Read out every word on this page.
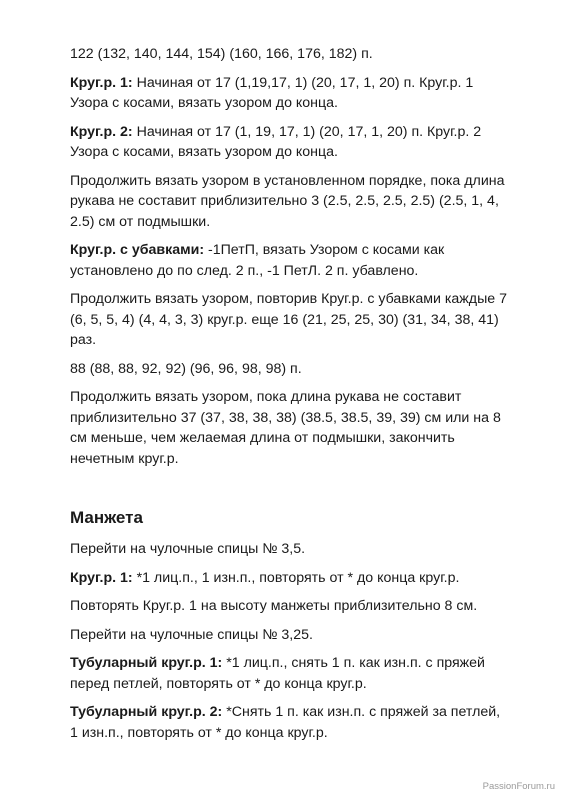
122 (132, 140, 144, 154) (160, 166, 176, 182) п.

Круг.р. 1: Начиная от 17 (1,19,17, 1) (20, 17, 1, 20) п. Круг.р. 1 Узора с косами, вязать узором до конца.

Круг.р. 2: Начиная от 17 (1, 19, 17, 1) (20, 17, 1, 20) п. Круг.р. 2 Узора с косами, вязать узором до конца.

Продолжить вязать узором в установленном порядке, пока длина рукава не составит приблизительно 3 (2.5, 2.5, 2.5, 2.5) (2.5, 1, 4, 2.5) см от подмышки.

Круг.р. с убавками: -1ПетП, вязать Узором с косами как установлено до по след. 2 п., -1 ПетЛ. 2 п. убавлено.

Продолжить вязать узором, повторив Круг.р. с убавками каждые 7 (6, 5, 5, 4) (4, 4, 3, 3) круг.р. еще 16 (21, 25, 25, 30) (31, 34, 38, 41) раз.

88 (88, 88, 92, 92) (96, 96, 98, 98) п.

Продолжить вязать узором, пока длина рукава не составит приблизительно 37 (37, 38, 38, 38) (38.5, 38.5, 39, 39) см или на 8 см меньше, чем желаемая длина от подмышки, закончить нечетным круг.р.

Манжета

Перейти на чулочные спицы № 3,5.

Круг.р. 1: *1 лиц.п., 1 изн.п., повторять от * до конца круг.р.

Повторять Круг.р. 1 на высоту манжеты приблизительно 8 см.

Перейти на чулочные спицы № 3,25.

Тубуларный круг.р. 1: *1 лиц.п., снять 1 п. как изн.п. с пряжей перед петлей, повторять от * до конца круг.р.

Тубуларный круг.р. 2: *Снять 1 п. как изн.п. с пряжей за петлей, 1 изн.п., повторять от * до конца круг.р.

PassionForum.ru
